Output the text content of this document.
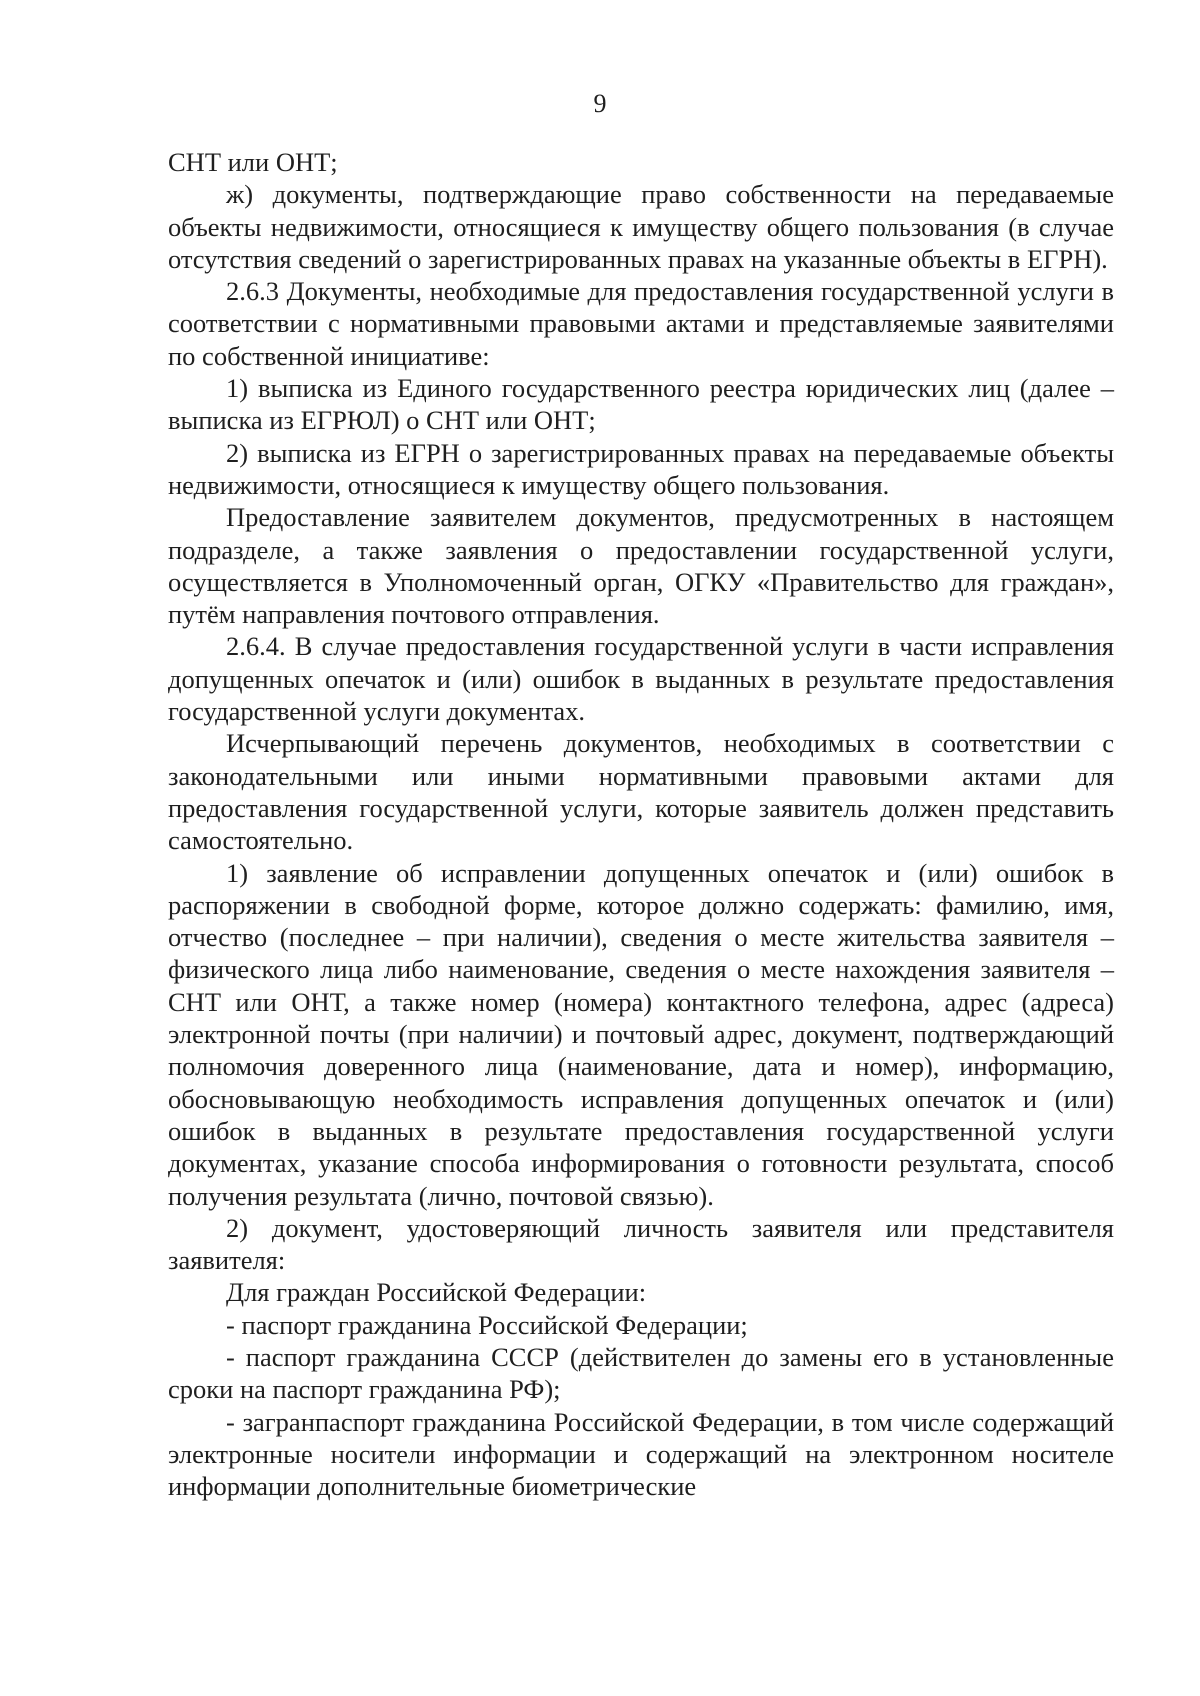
9

СНТ или ОНТ;

ж) документы, подтверждающие право собственности на передаваемые объекты недвижимости, относящиеся к имуществу общего пользования (в случае отсутствия сведений о зарегистрированных правах на указанные объекты в ЕГРН).

2.6.3 Документы, необходимые для предоставления государственной услуги в соответствии с нормативными правовыми актами и представляемые заявителями по собственной инициативе:

1) выписка из Единого государственного реестра юридических лиц (далее – выписка из ЕГРЮЛ) о СНТ или ОНТ;

2) выписка из ЕГРН о зарегистрированных правах на передаваемые объекты недвижимости, относящиеся к имуществу общего пользования.

Предоставление заявителем документов, предусмотренных в настоящем подразделе, а также заявления о предоставлении государственной услуги, осуществляется в Уполномоченный орган, ОГКУ «Правительство для граждан», путём направления почтового отправления.

2.6.4. В случае предоставления государственной услуги в части исправления допущенных опечаток и (или) ошибок в выданных в результате предоставления государственной услуги документах.

Исчерпывающий перечень документов, необходимых в соответствии с законодательными или иными нормативными правовыми актами для предоставления государственной услуги, которые заявитель должен представить самостоятельно.

1) заявление об исправлении допущенных опечаток и (или) ошибок в распоряжении в свободной форме, которое должно содержать: фамилию, имя, отчество (последнее – при наличии), сведения о месте жительства заявителя – физического лица либо наименование, сведения о месте нахождения заявителя – СНТ или ОНТ, а также номер (номера) контактного телефона, адрес (адреса) электронной почты (при наличии) и почтовый адрес, документ, подтверждающий полномочия доверенного лица (наименование, дата и номер), информацию, обосновывающую необходимость исправления допущенных опечаток и (или) ошибок в выданных в результате предоставления государственной услуги документах, указание способа информирования о готовности результата, способ получения результата (лично, почтовой связью).

2) документ, удостоверяющий личность заявителя или представителя заявителя:

Для граждан Российской Федерации:

- паспорт гражданина Российской Федерации;

- паспорт гражданина СССР (действителен до замены его в установленные сроки на паспорт гражданина РФ);

- загранпаспорт гражданина Российской Федерации, в том числе содержащий электронные носители информации и содержащий на электронном носителе информации дополнительные биометрические
